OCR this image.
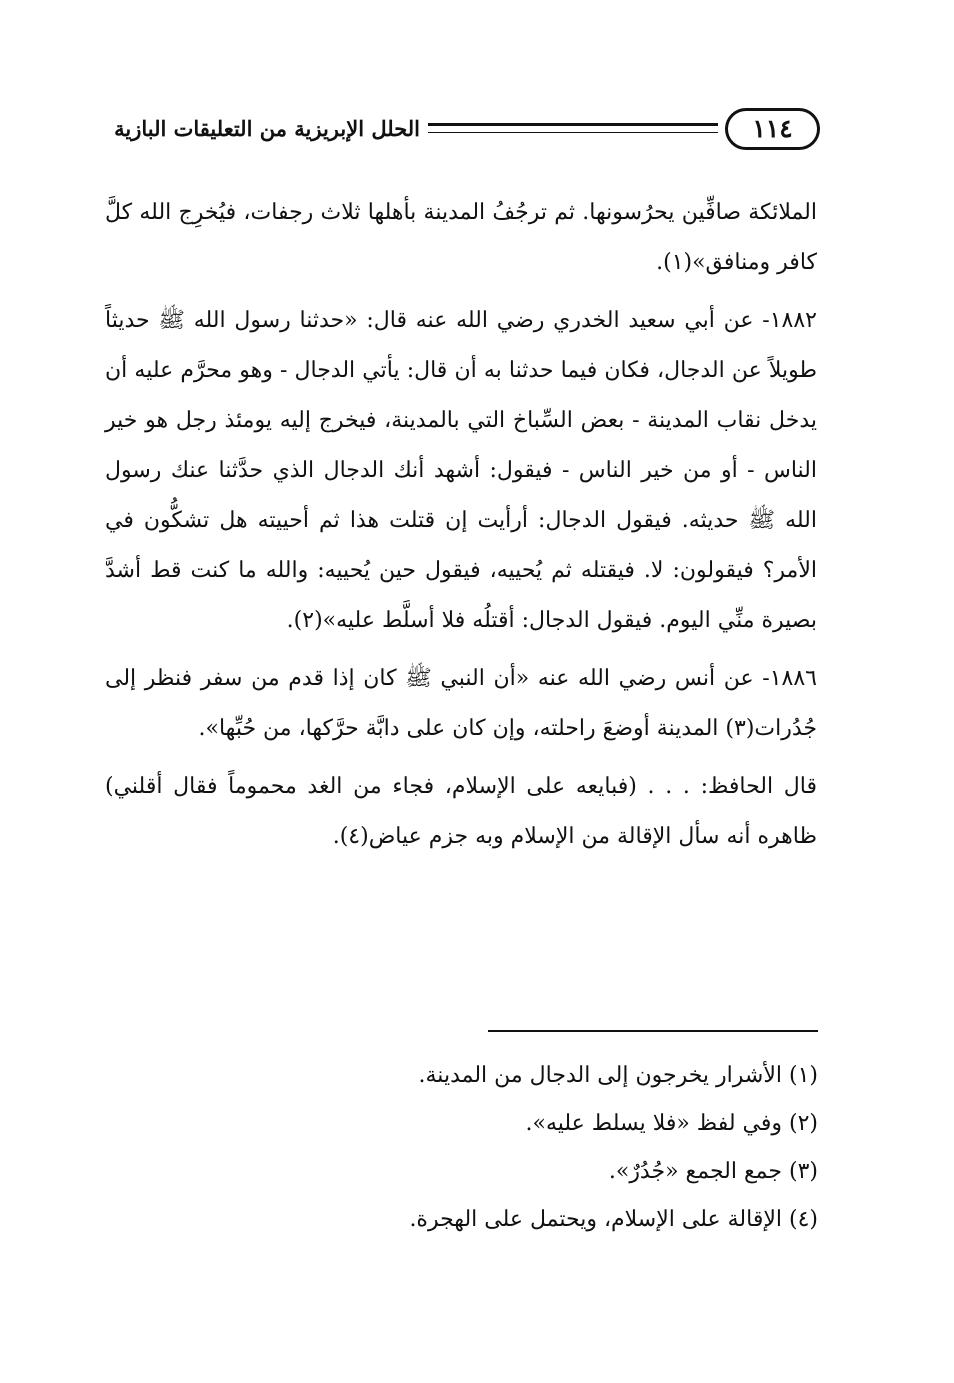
الحلل الإبريزية من التعليقات البازية	١١٤

الملائكة صافِّين يحرُسونها. ثم ترجُفُ المدينة بأهلها ثلاث رجفات، فيُخرِج الله كلَّ كافر ومنافق»(١).

١٨٨٢- عن أبي سعيد الخدري رضي الله عنه قال: «حدثنا رسول الله ﷺ حديثاً طويلاً عن الدجال، فكان فيما حدثنا به أن قال: يأتي الدجال - وهو محرَّم عليه أن يدخل نقاب المدينة - بعض السِّباخ التي بالمدينة، فيخرج إليه يومئذ رجل هو خير الناس - أو من خير الناس - فيقول: أشهد أنك الدجال الذي حدَّثنا عنك رسول الله ﷺ حديثه. فيقول الدجال: أرأيت إن قتلت هذا ثم أحييته هل تشكُّون في الأمر؟ فيقولون: لا. فيقتله ثم يُحييه، فيقول حين يُحييه: والله ما كنت قط أشدَّ بصيرة منِّي اليوم. فيقول الدجال: أقتلُه فلا أسلَّط عليه»(٢).

١٨٨٦- عن أنس رضي الله عنه «أن النبي ﷺ كان إذا قدم من سفر فنظر إلى جُدُرات(٣) المدينة أوضعَ راحلته، وإن كان على دابَّة حرَّكها، من حُبِّها».

قال الحافظ: . . . (فبايعه على الإسلام، فجاء من الغد محموماً فقال أقلني) ظاهره أنه سأل الإقالة من الإسلام وبه جزم عياض(٤).

(١) الأشرار يخرجون إلى الدجال من المدينة.
(٢) وفي لفظ «فلا يسلط عليه».
(٣) جمع الجمع «جُدُرٌ».
(٤) الإقالة على الإسلام، ويحتمل على الهجرة.
